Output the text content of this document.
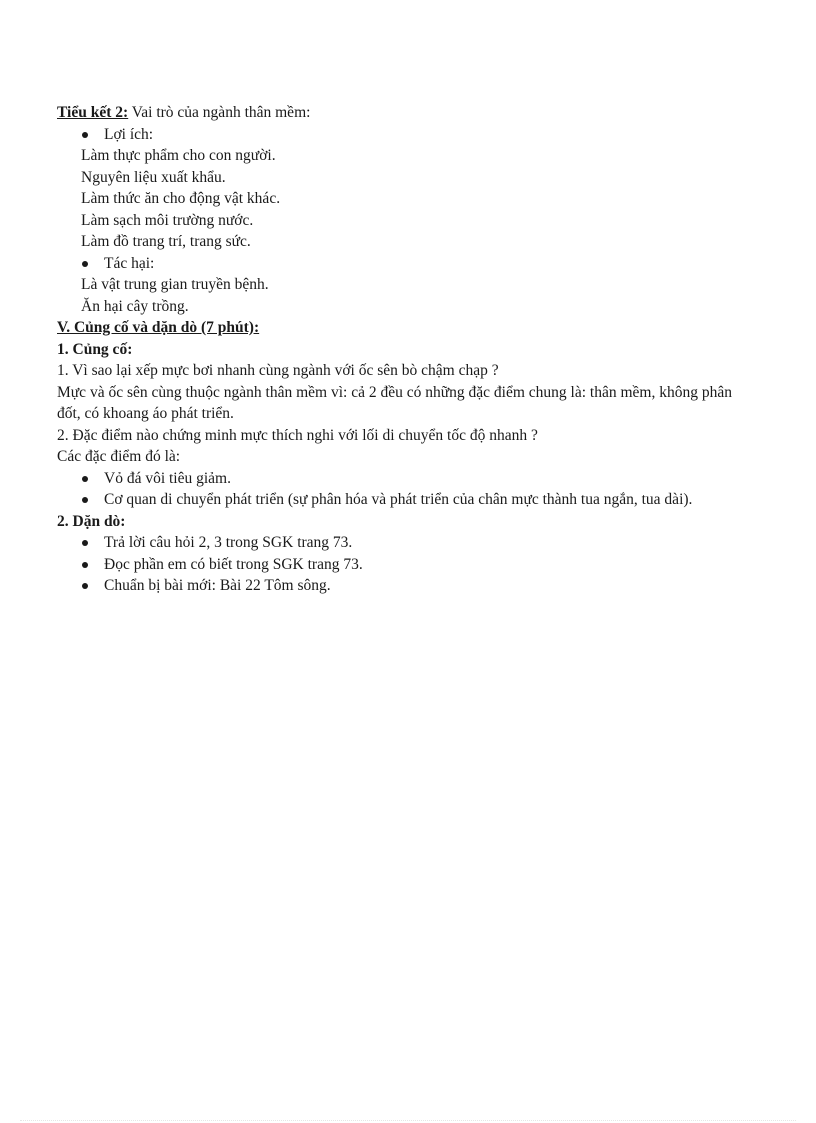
Tiểu kết 2: Vai trò của ngành thân mềm:
Lợi ích:
Làm thực phẩm cho con người.
Nguyên liệu xuất khẩu.
Làm thức ăn cho động vật khác.
Làm sạch môi trường nước.
Làm đồ trang trí, trang sức.
Tác hại:
Là vật trung gian truyền bệnh.
Ăn hại cây trồng.
V. Củng cố và dặn dò (7 phút):
1. Củng cố:
1. Vì sao lại xếp mực bơi nhanh cùng ngành với ốc sên bò chậm chạp ?
Mực và ốc sên cùng thuộc ngành thân mềm vì: cả 2 đều có những đặc điểm chung là: thân mềm, không phân đốt, có khoang áo phát triển.
2. Đặc điểm nào chứng minh mực thích nghi với lối di chuyển tốc độ nhanh ?
Các đặc điểm đó là:
Vỏ đá vôi tiêu giảm.
Cơ quan di chuyển phát triển (sự phân hóa và phát triển của chân mực thành tua ngắn, tua dài).
2. Dặn dò:
Trả lời câu hỏi 2, 3 trong SGK trang 73.
Đọc phần em có biết trong SGK trang 73.
Chuẩn bị bài mới: Bài 22 Tôm sông.
